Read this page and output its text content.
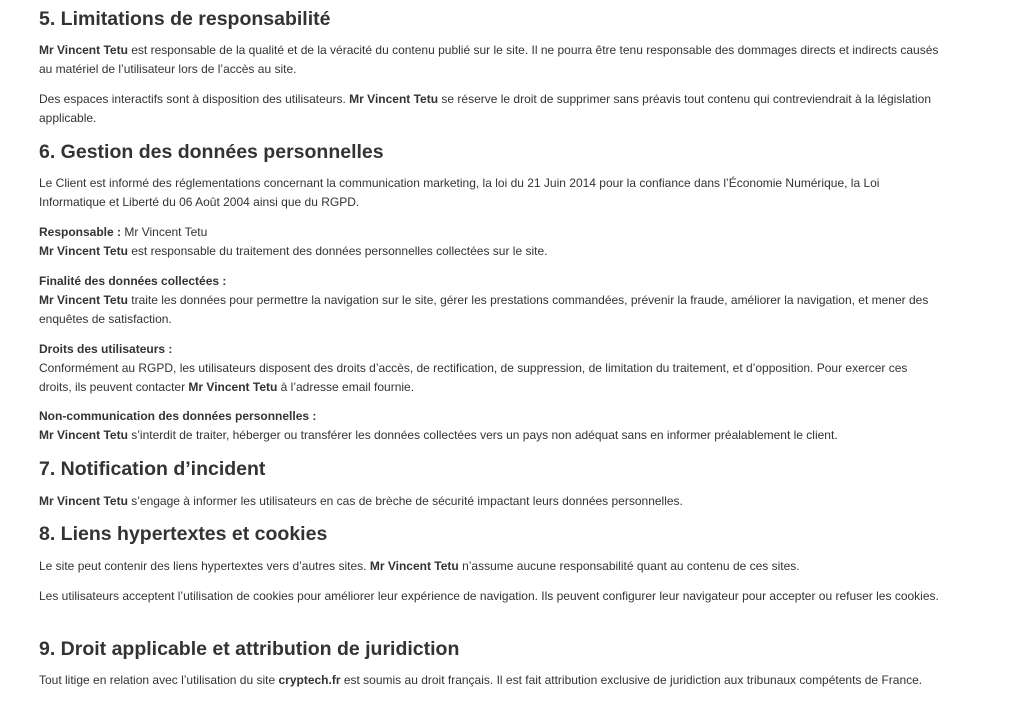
5. Limitations de responsabilité

Mr Vincent Tetu est responsable de la qualité et de la véracité du contenu publié sur le site. Il ne pourra être tenu responsable des dommages directs et indirects causés au matériel de l’utilisateur lors de l’accès au site.

Des espaces interactifs sont à disposition des utilisateurs. Mr Vincent Tetu se réserve le droit de supprimer sans préavis tout contenu qui contreviendrait à la législation applicable.

6. Gestion des données personnelles

Le Client est informé des réglementations concernant la communication marketing, la loi du 21 Juin 2014 pour la confiance dans l’Économie Numérique, la Loi Informatique et Liberté du 06 Août 2004 ainsi que du RGPD.

Responsable : Mr Vincent Tetu
Mr Vincent Tetu est responsable du traitement des données personnelles collectées sur le site.

Finalité des données collectées :
Mr Vincent Tetu traite les données pour permettre la navigation sur le site, gérer les prestations commandées, prévenir la fraude, améliorer la navigation, et mener des enquêtes de satisfaction.

Droits des utilisateurs :
Conformément au RGPD, les utilisateurs disposent des droits d’accès, de rectification, de suppression, de limitation du traitement, et d’opposition. Pour exercer ces droits, ils peuvent contacter Mr Vincent Tetu à l’adresse email fournie.

Non-communication des données personnelles :
Mr Vincent Tetu s’interdit de traiter, héberger ou transférer les données collectées vers un pays non adéquat sans en informer préalablement le client.

7. Notification d’incident

Mr Vincent Tetu s’engage à informer les utilisateurs en cas de brèche de sécurité impactant leurs données personnelles.

8. Liens hypertextes et cookies

Le site peut contenir des liens hypertextes vers d’autres sites. Mr Vincent Tetu n’assume aucune responsabilité quant au contenu de ces sites.

Les utilisateurs acceptent l’utilisation de cookies pour améliorer leur expérience de navigation. Ils peuvent configurer leur navigateur pour accepter ou refuser les cookies.

9. Droit applicable et attribution de juridiction

Tout litige en relation avec l’utilisation du site cryptech.fr est soumis au droit français. Il est fait attribution exclusive de juridiction aux tribunaux compétents de France.
